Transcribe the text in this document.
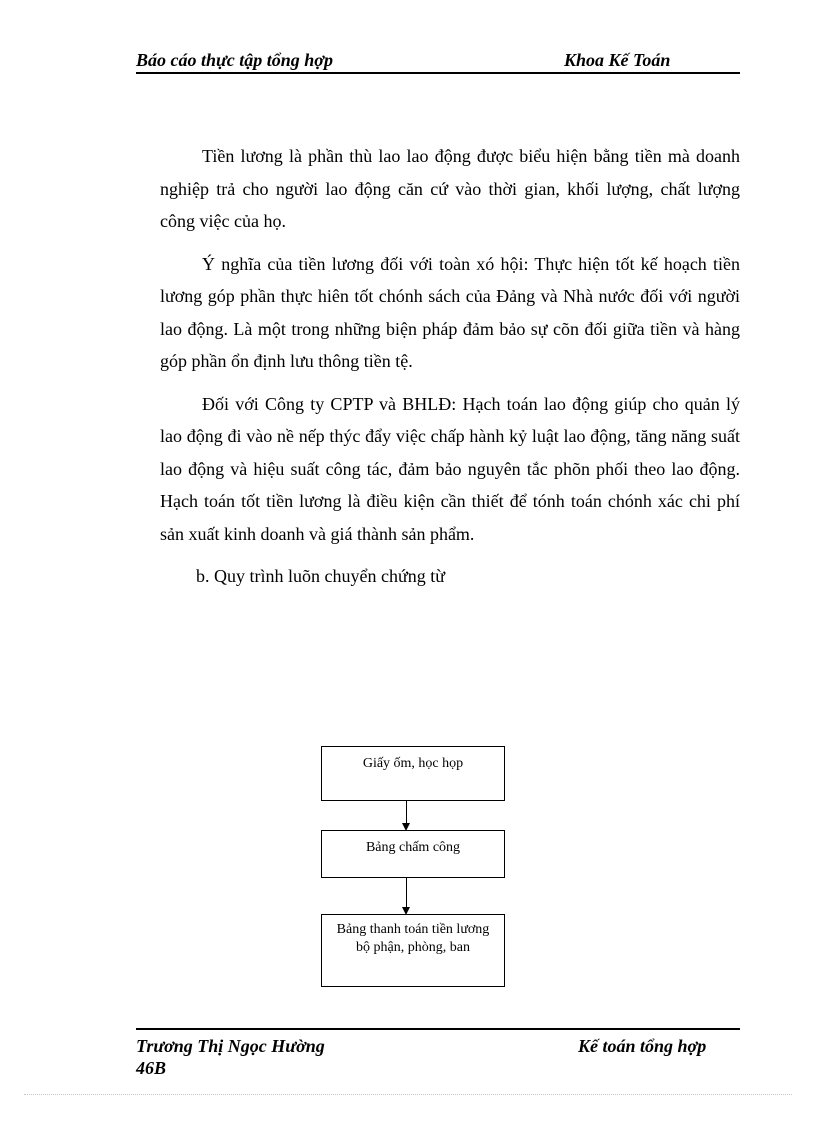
Báo cáo thực tập tổng hợp	Khoa Kế Toán

Tiền lương là phần thù lao lao động được biểu hiện bằng tiền mà doanh nghiệp trả cho người lao động căn cứ vào thời gian, khối lượng, chất lượng công việc của họ.

Ý nghĩa của tiền lương đối với toàn xó hội: Thực hiện tốt kế hoạch tiền lương góp phần thực hiên tốt chónh sách của Đảng và Nhà nước đối với người lao động. Là một trong những biện pháp đảm bảo sự cõn đối giữa tiền và hàng góp phần ổn định lưu thông tiền tệ.

Đối với Công ty CPTP và BHLĐ: Hạch toán lao động giúp cho quản lý lao động đi vào nề nếp thýc đẩy việc chấp hành kỷ luật lao động, tăng năng suất lao động và hiệu suất công tác, đảm bảo nguyên tắc phõn phối theo lao động. Hạch toán tốt tiền lương là điều kiện cần thiết để tónh toán chónh xác chi phí sản xuất kinh doanh và giá thành sản phẩm.

b. Quy trình luõn chuyển chứng từ

Giấy ốm, học họp
Bảng chấm công
Bảng thanh toán tiền lương bộ phận, phòng, ban
Trương Thị Ngọc Hường
46B
Kế toán tổng hợp
